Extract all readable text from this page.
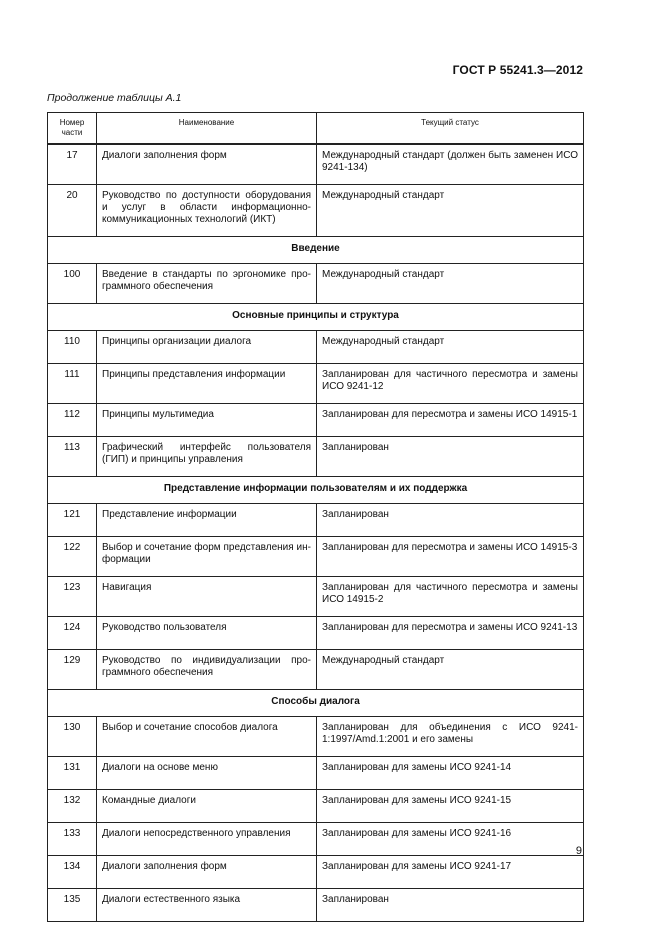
ГОСТ Р 55241.3—2012
Продолжение таблицы А.1
Номер части	Наименование	Текущий статус
17	Диалоги заполнения форм	Международный стандарт (должен быть заменен ИСО 9241-134)
20	Руководство по доступности оборудования и услуг в области информационно-коммуникационных технологий (ИКТ)	Международный стандарт
Введение		
100	Введение в стандарты по эргономике программного обеспечения	Международный стандарт
Основные принципы и структура		
110	Принципы организации диалога	Международный стандарт
111	Принципы представления информации	Запланирован для частичного пересмотра и замены ИСО 9241-12
112	Принципы мультимедиа	Запланирован для пересмотра и замены ИСО 14915-1
113	Графический интерфейс пользователя (ГИП) и принципы управления	Запланирован
Представление информации пользователям и их поддержка		
121	Представление информации	Запланирован
122	Выбор и сочетание форм представления информации	Запланирован для пересмотра и замены ИСО 14915-3
123	Навигация	Запланирован для частичного пересмотра и замены ИСО 14915-2
124	Руководство пользователя	Запланирован для пересмотра и замены ИСО 9241-13
129	Руководство по индивидуализации программного обеспечения	Международный стандарт
Способы диалога		
130	Выбор и сочетание способов диалога	Запланирован для объединения с ИСО 9241-1:1997/Amd.1:2001 и его замены
131	Диалоги на основе меню	Запланирован для замены ИСО 9241-14
132	Командные диалоги	Запланирован для замены ИСО 9241-15
133	Диалоги непосредственного управления	Запланирован для замены ИСО 9241-16
134	Диалоги заполнения форм	Запланирован для замены ИСО 9241-17
135	Диалоги естественного языка	Запланирован
9
